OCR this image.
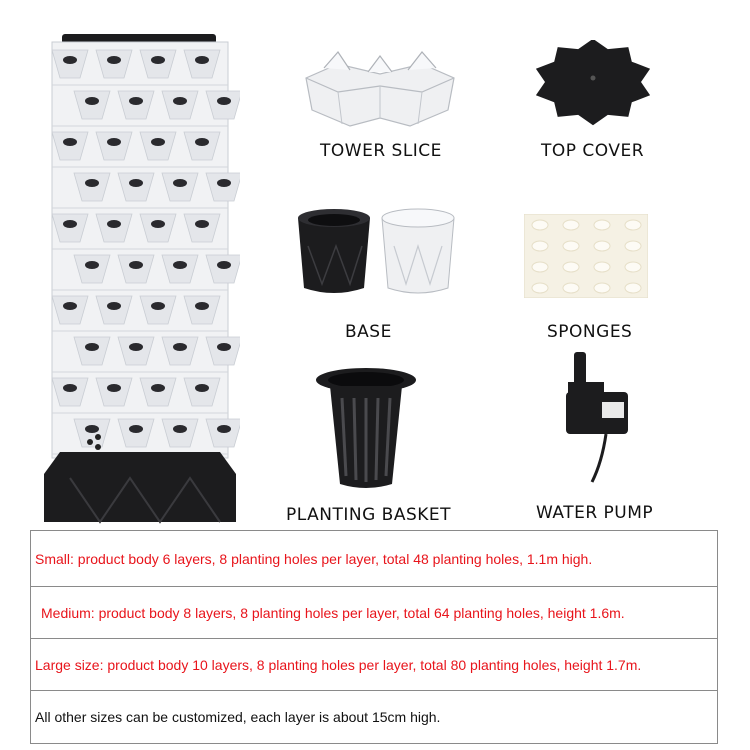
TOWER SLICE	TOP COVER
BASE	SPONGES
PLANTING BASKET	WATER PUMP
Small: product body 6 layers, 8 planting holes per layer, total 48 planting holes, 1.1m high.
Medium: product body 8 layers, 8 planting holes per layer, total 64 planting holes, height 1.6m.
Large size: product body 10 layers, 8 planting holes per layer, total 80 planting holes, height 1.7m.
All other sizes can be customized, each layer is about 15cm high.
